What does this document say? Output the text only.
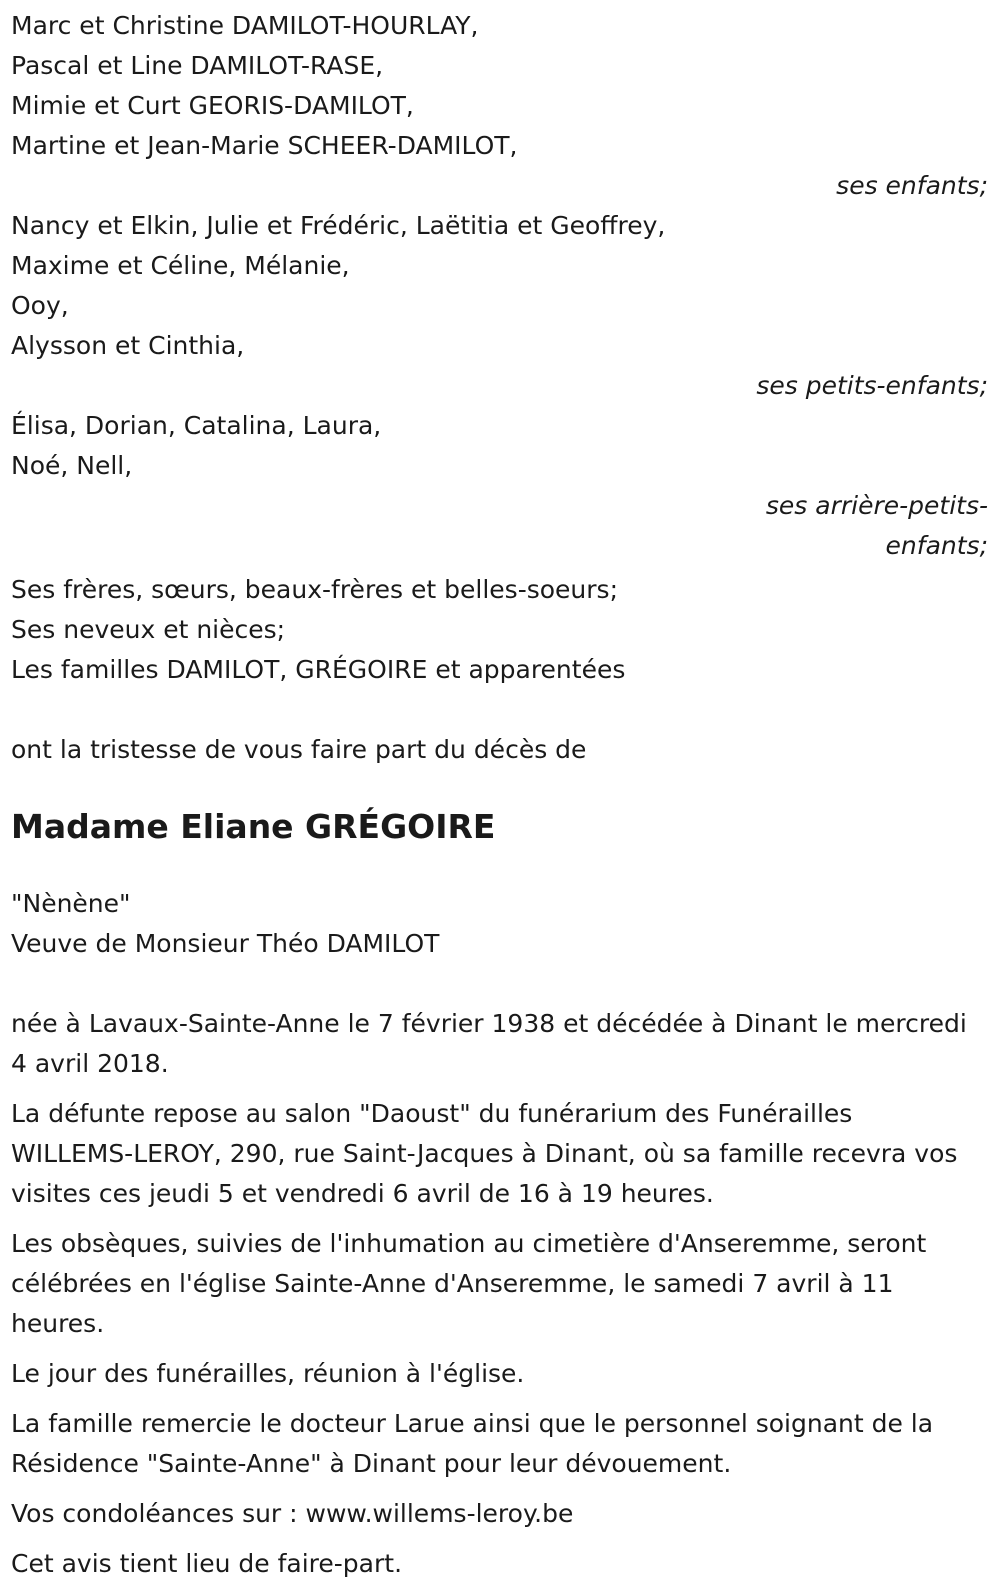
Marc et Christine DAMILOT-HOURLAY,
Pascal et Line DAMILOT-RASE,
Mimie et Curt GEORIS-DAMILOT,
Martine et Jean-Marie SCHEER-DAMILOT,
ses enfants;
Nancy et Elkin, Julie et Frédéric, Laëtitia et Geoffrey,
Maxime et Céline, Mélanie,
Ooy,
Alysson et Cinthia,
ses petits-enfants;
Élisa, Dorian, Catalina, Laura,
Noé, Nell,
ses arrière-petits-
enfants;
Ses frères, sœurs, beaux-frères et belles-soeurs;
Ses neveux et nièces;
Les familles DAMILOT, GRÉGOIRE et apparentées
ont la tristesse de vous faire part du décès de
Madame Eliane GRÉGOIRE
"Nènène"
Veuve de Monsieur Théo DAMILOT

née à Lavaux-Sainte-Anne le 7 février 1938 et décédée à Dinant le mercredi 4 avril 2018.

La défunte repose au salon "Daoust" du funérarium des Funérailles WILLEMS-LEROY, 290, rue Saint-Jacques à Dinant, où sa famille recevra vos visites ces jeudi 5 et vendredi 6 avril de 16 à 19 heures.

Les obsèques, suivies de l'inhumation au cimetière d'Anseremme, seront célébrées en l'église Sainte-Anne d'Anseremme, le samedi 7 avril à 11 heures.

Le jour des funérailles, réunion à l'église.

La famille remercie le docteur Larue ainsi que le personnel soignant de la Résidence "Sainte-Anne" à Dinant pour leur dévouement.

Vos condoléances sur : www.willems-leroy.be

Cet avis tient lieu de faire-part.
